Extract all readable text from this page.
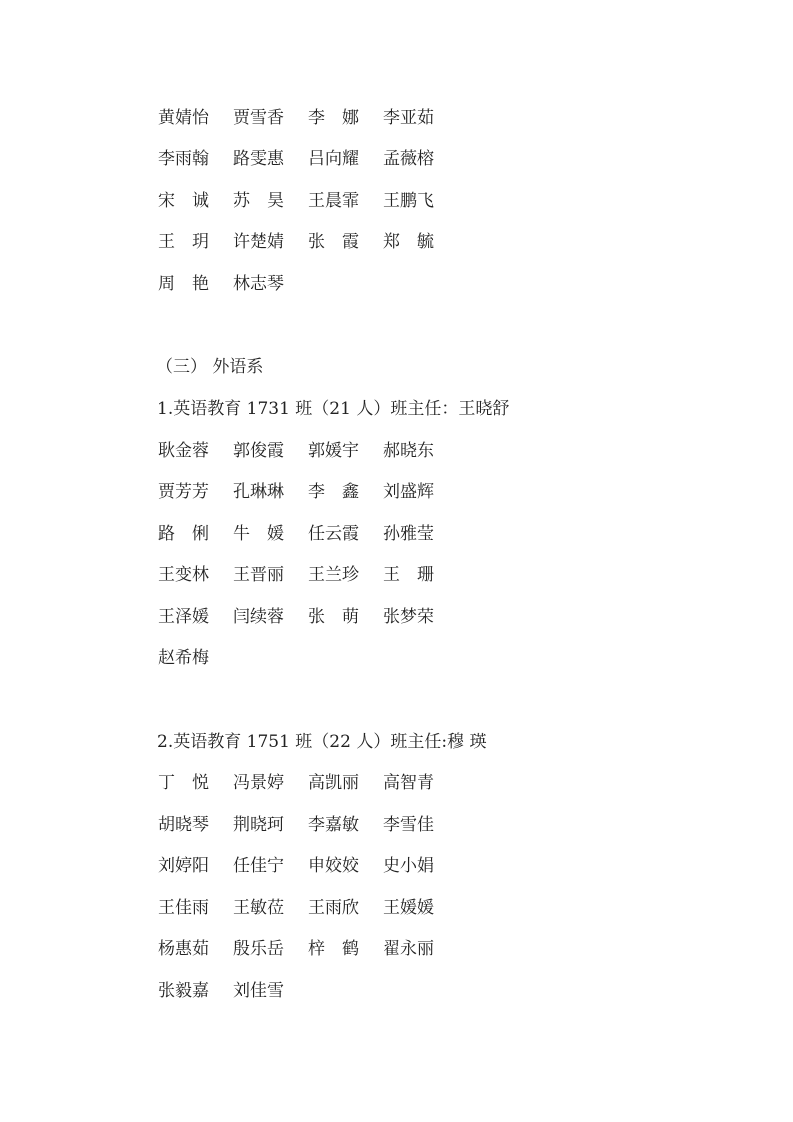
黄婧怡 贾雪香 李　娜 李亚茹
李雨翰 路雯惠 吕向耀 孟薇榕
宋　诚 苏　昊 王晨霏 王鹏飞
王　玥 许楚婧 张　霞 郑　毓
周　艳 林志琴
（三） 外语系
1.英语教育 1731 班（21 人）班主任：王晓舒
耿金蓉 郭俊霞 郭媛宇 郝晓东
贾芳芳 孔琳琳 李　鑫 刘盛辉
路　俐 牛　媛 任云霞 孙雅莹
王变林 王晋丽 王兰珍 王　珊
王泽媛 闫续蓉 张　萌 张梦荣
赵希梅
2.英语教育 1751 班（22 人）班主任:穆 瑛
丁　悦 冯景婷 高凯丽 高智青
胡晓琴 荆晓珂 李嘉敏 李雪佳
刘婷阳 任佳宁 申姣姣 史小娟
王佳雨 王敏莅 王雨欣 王媛媛
杨惠茹 殷乐岳 梓　鹤 翟永丽
张毅嘉 刘佳雪
